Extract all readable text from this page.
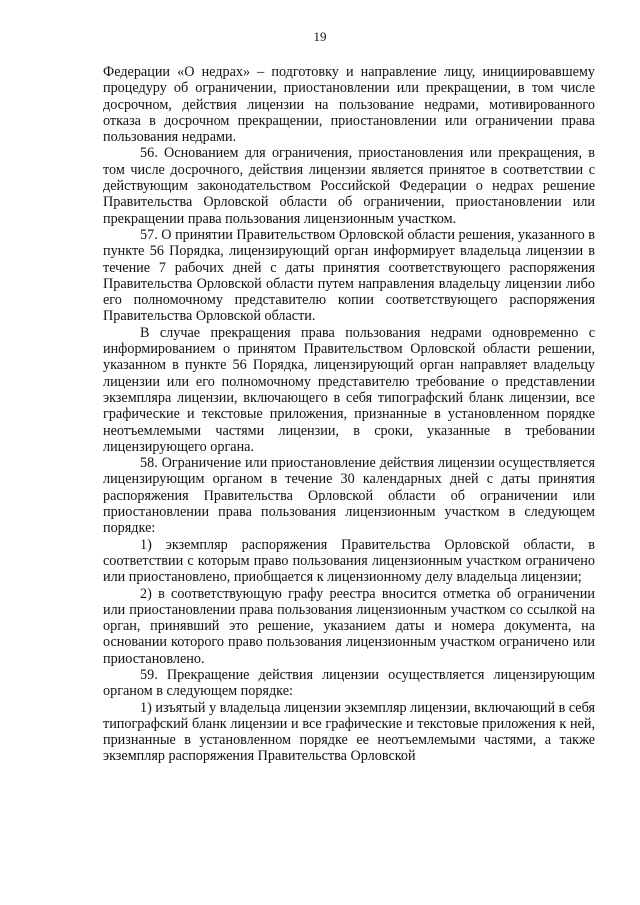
19

Федерации «О недрах» – подготовку и направление лицу, инициировавшему процедуру об ограничении, приостановлении или прекращении, в том числе досрочном, действия лицензии на пользование недрами, мотивированного отказа в досрочном прекращении, приостановлении или ограничении права пользования недрами.

56. Основанием для ограничения, приостановления или прекращения, в том числе досрочного, действия лицензии является принятое в соответствии с действующим законодательством Российской Федерации о недрах решение Правительства Орловской области об ограничении, приостановлении или прекращении права пользования лицензионным участком.

57. О принятии Правительством Орловской области решения, указанного в пункте 56 Порядка, лицензирующий орган информирует владельца лицензии в течение 7 рабочих дней с даты принятия соответствующего распоряжения Правительства Орловской области путем направления владельцу лицензии либо его полномочному представителю копии соответствующего распоряжения Правительства Орловской области.

В случае прекращения права пользования недрами одновременно с информированием о принятом Правительством Орловской области решении, указанном в пункте 56 Порядка, лицензирующий орган направляет владельцу лицензии или его полномочному представителю требование о представлении экземпляра лицензии, включающего в себя типографский бланк лицензии, все графические и текстовые приложения, признанные в установленном порядке неотъемлемыми частями лицензии, в сроки, указанные в требовании лицензирующего органа.

58. Ограничение или приостановление действия лицензии осуществляется лицензирующим органом в течение 30 календарных дней с даты принятия распоряжения Правительства Орловской области об ограничении или приостановлении права пользования лицензионным участком в следующем порядке:

1) экземпляр распоряжения Правительства Орловской области, в соответствии с которым право пользования лицензионным участком ограничено или приостановлено, приобщается к лицензионному делу владельца лицензии;

2) в соответствующую графу реестра вносится отметка об ограничении или приостановлении права пользования лицензионным участком со ссылкой на орган, принявший это решение, указанием даты и номера документа, на основании которого право пользования лицензионным участком ограничено или приостановлено.

59. Прекращение действия лицензии осуществляется лицензирующим органом в следующем порядке:

1) изъятый у владельца лицензии экземпляр лицензии, включающий в себя типографский бланк лицензии и все графические и текстовые приложения к ней, признанные в установленном порядке ее неотъемлемыми частями, а также экземпляр распоряжения Правительства Орловской
